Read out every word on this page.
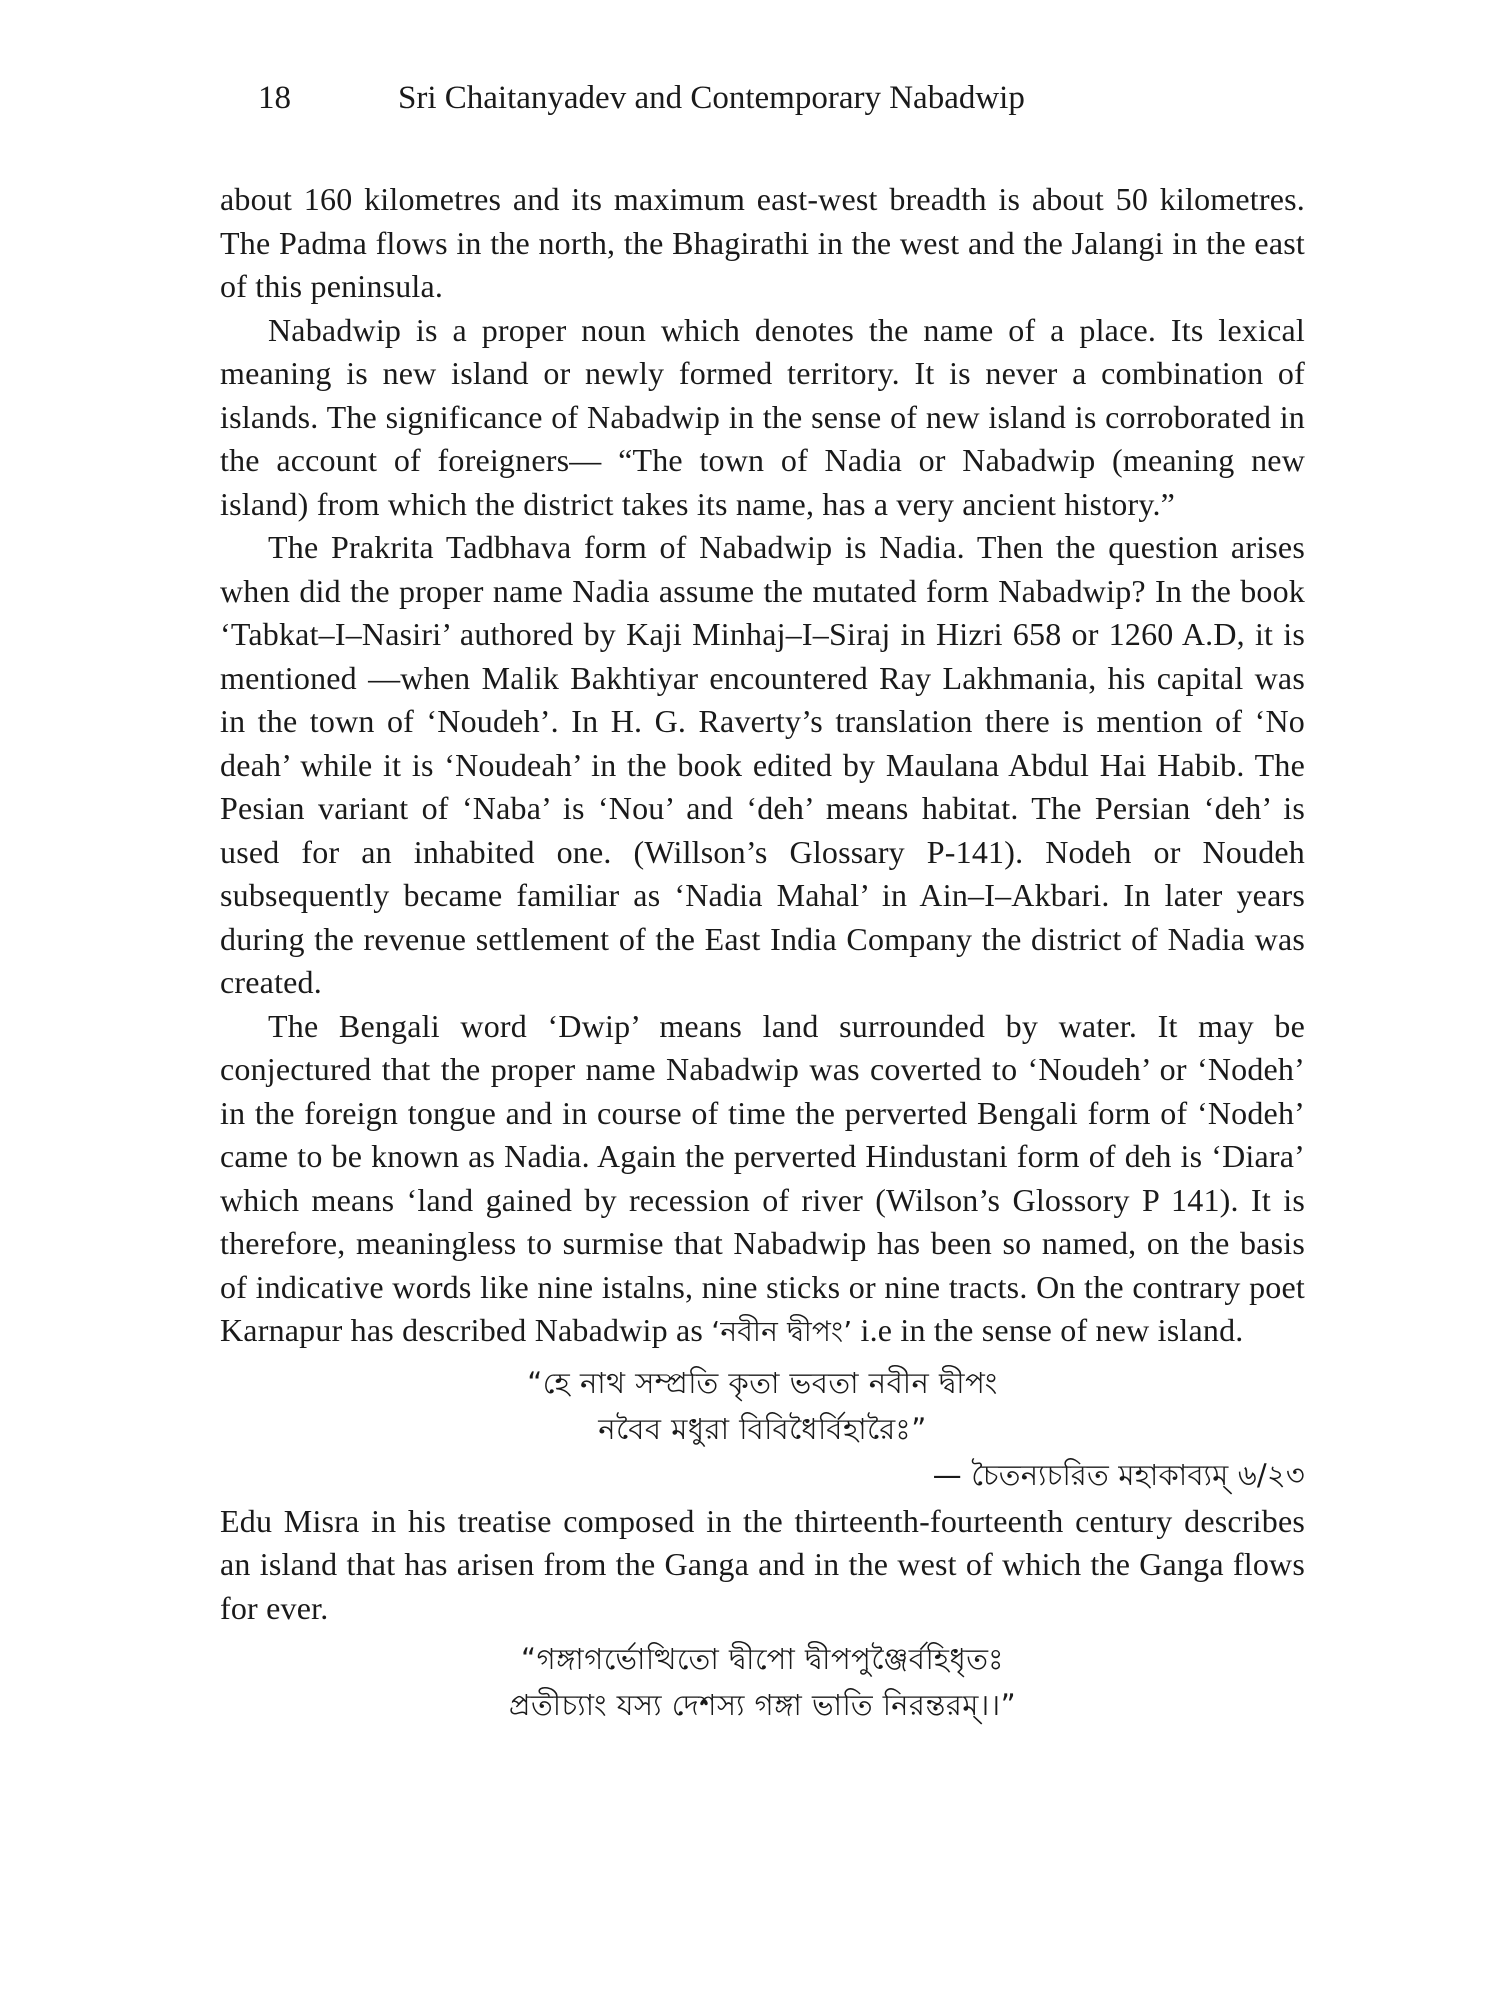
18	Sri Chaitanyadev and Contemporary Nabadwip

about 160 kilometres and its maximum east-west breadth is about 50 kilometres. The Padma flows in the north, the Bhagirathi in the west and the Jalangi in the east of this peninsula.

Nabadwip is a proper noun which denotes the name of a place. Its lexical meaning is new island or newly formed territory. It is never a combination of islands. The significance of Nabadwip in the sense of new island is corroborated in the account of foreigners— “The town of Nadia or Nabadwip (meaning new island) from which the district takes its name, has a very ancient history.”

The Prakrita Tadbhava form of Nabadwip is Nadia. Then the question arises when did the proper name Nadia assume the mutated form Nabadwip? In the book ‘Tabkat–I–Nasiri’ authored by Kaji Minhaj–I–Siraj in Hizri 658 or 1260 A.D, it is mentioned —when Malik Bakhtiyar encountered Ray Lakhmania, his capital was in the town of ‘Noudeh’. In H. G. Raverty’s translation there is mention of ‘No deah’ while it is ‘Noudeah’ in the book edited by Maulana Abdul Hai Habib. The Pesian variant of ‘Naba’ is ‘Nou’ and ‘deh’ means habitat. The Persian ‘deh’ is used for an inhabited one. (Willson’s Glossary P-141). Nodeh or Noudeh subsequently became familiar as ‘Nadia Mahal’ in Ain–I–Akbari. In later years during the revenue settlement of the East India Company the district of Nadia was created.

The Bengali word ‘Dwip’ means land surrounded by water. It may be conjectured that the proper name Nabadwip was coverted to ‘Noudeh’ or ‘Nodeh’ in the foreign tongue and in course of time the perverted Bengali form of ‘Nodeh’ came to be known as Nadia. Again the perverted Hindustani form of deh is ‘Diara’ which means ‘land gained by recession of river (Wilson’s Glossory P 141). It is therefore, meaningless to surmise that Nabadwip has been so named, on the basis of indicative words like nine istalns, nine sticks or nine tracts. On the contrary poet Karnapur has described Nabadwip as ‘নবীন দ্বীপং’ i.e in the sense of new island.

“হে নাথ সম্প্রতি কৃতা ভবতা নবীন দ্বীপং
নবৈব মধুরা বিবিধৈর্বিহারৈঃ”
— চৈতন্যচরিত মহাকাব্যম্ ৬/২৩

Edu Misra in his treatise composed in the thirteenth-fourteenth century describes an island that has arisen from the Ganga and in the west of which the Ganga flows for ever.

“গঙ্গাগর্ভোত্থিতো দ্বীপো দ্বীপপুঞ্জৈর্বহিধৃতঃ
প্রতীচ্যাং যস্য দেশস্য গঙ্গা ভাতি নিরন্তরম্।।”
